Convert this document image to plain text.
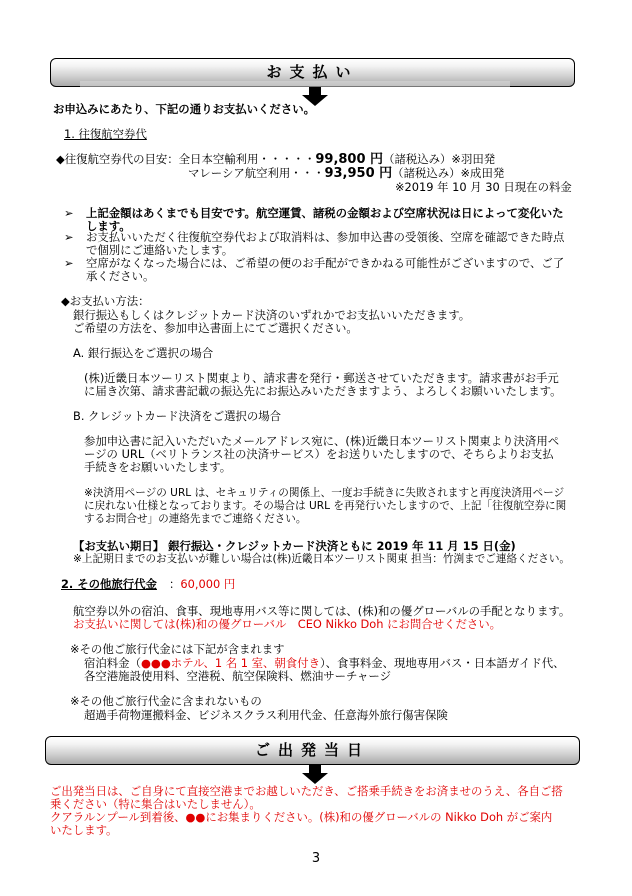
お支払い
お申込みにあたり、下記の通りお支払いください。
1. 往復航空券代
◆往復航空券代の目安：全日本空輸利用・・・・・99,800 円（諸税込み）※羽田発
マレーシア航空利用・・・93,950 円（諸税込み）※成田発
※2019 年 10 月 30 日現在の料金
➢ 上記金額はあくまでも目安です。航空運賃、諸税の金額および空席状況は日によって変化いた
します。
➢ お支払いいただく往復航空券代および取消料は、参加申込書の受領後、空席を確認できた時点
で個別にご連絡いたします。
➢ 空席がなくなった場合には、ご希望の便のお手配ができかねる可能性がございますので、ご了
承ください。
◆お支払い方法：
銀行振込もしくはクレジットカード決済のいずれかでお支払いいただきます。
ご希望の方法を、参加申込書面上にてご選択ください。
A. 銀行振込をご選択の場合
(株)近畿日本ツーリスト関東より、請求書を発行・郵送させていただきます。請求書がお手元
に届き次第、請求書記載の振込先にお振込みいただきますよう、よろしくお願いいたします。
B. クレジットカード決済をご選択の場合
参加申込書に記入いただいたメールアドレス宛に、(株)近畿日本ツーリスト関東より決済用ペ
ージの URL（ベリトランス社の決済サービス）をお送りいたしますので、そちらよりお支払
手続きをお願いいたします。
※決済用ページの URL は、セキュリティの関係上、一度お手続きに失敗されますと再度決済用ページ
に戻れない仕様となっております。その場合は URL を再発行いたしますので、上記「往復航空券に関
するお問合せ」の連絡先までご連絡ください。
【お支払い期日】 銀行振込・クレジットカード決済ともに 2019 年 11 月 15 日(金)
※上記期日までのお支払いが難しい場合は(株)近畿日本ツーリスト関東 担当：竹渕までご連絡ください。
2. その他旅行代金 ：60,000 円
航空券以外の宿泊、食事、現地専用バス等に関しては、(株)和の優グローバルの手配となります。
お支払いに関しては(株)和の優グローバル　CEO Nikko Doh にお問合せください。
※その他ご旅行代金には下記が含まれます
宿泊料金（●●●ホテル、1 名 1 室、朝食付き）、食事料金、現地専用バス・日本語ガイド代、
各空港施設使用料、空港税、航空保険料、燃油サーチャージ
※その他ご旅行代金に含まれないもの
超過手荷物運搬料金、ビジネスクラス利用代金、任意海外旅行傷害保険
ご出発当日
ご出発当日は、ご自身にて直接空港までお越しいただき、ご搭乗手続きをお済ませのうえ、各自ご搭
乗ください（特に集合はいたしません）。
クアラルンプール到着後、●●にお集まりください。(株)和の優グローバルの Nikko Doh がご案内
いたします。
3
